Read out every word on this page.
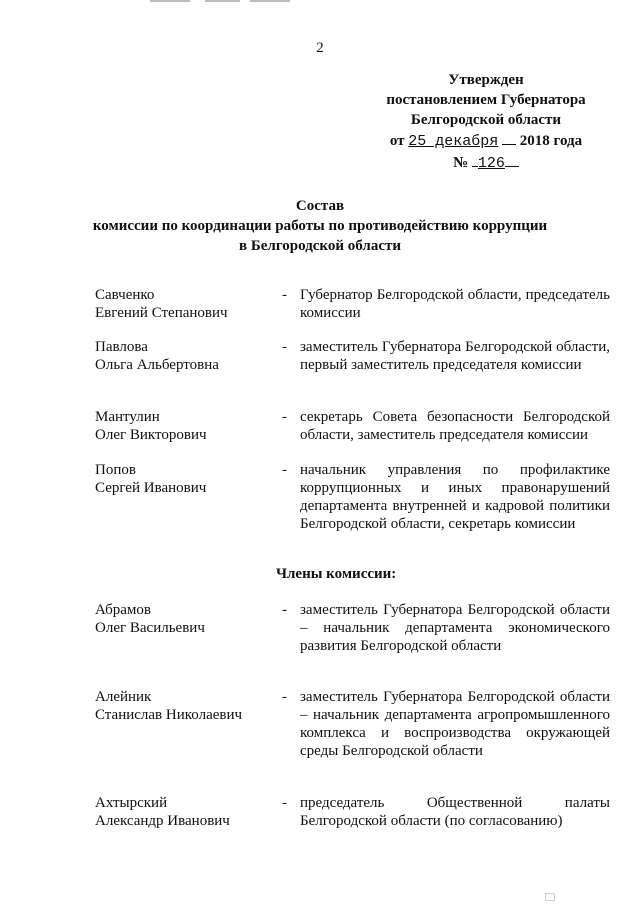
2
Утвержден
постановлением Губернатора
Белгородской области
от 25 декабря 2018 года
№ 126
Состав
комиссии по координации работы по противодействию коррупции
в Белгородской области
Савченко
Евгений Степанович
- Губернатор Белгородской области, председатель комиссии
Павлова
Ольга Альбертовна
- заместитель Губернатора Белгородской области, первый заместитель председателя комиссии
Мантулин
Олег Викторович
- секретарь Совета безопасности Белгородской области, заместитель председателя комиссии
Попов
Сергей Иванович
- начальник управления по профилактике коррупционных и иных правонарушений департамента внутренней и кадровой политики Белгородской области, секретарь комиссии
Члены комиссии:
Абрамов
Олег Васильевич
- заместитель Губернатора Белгородской области – начальник департамента экономического развития Белгородской области
Алейник
Станислав Николаевич
- заместитель Губернатора Белгородской области – начальник департамента агропромышленного комплекса и воспроизводства окружающей среды Белгородской области
Ахтырский
Александр Иванович
- председатель Общественной палаты Белгородской области (по согласованию)
